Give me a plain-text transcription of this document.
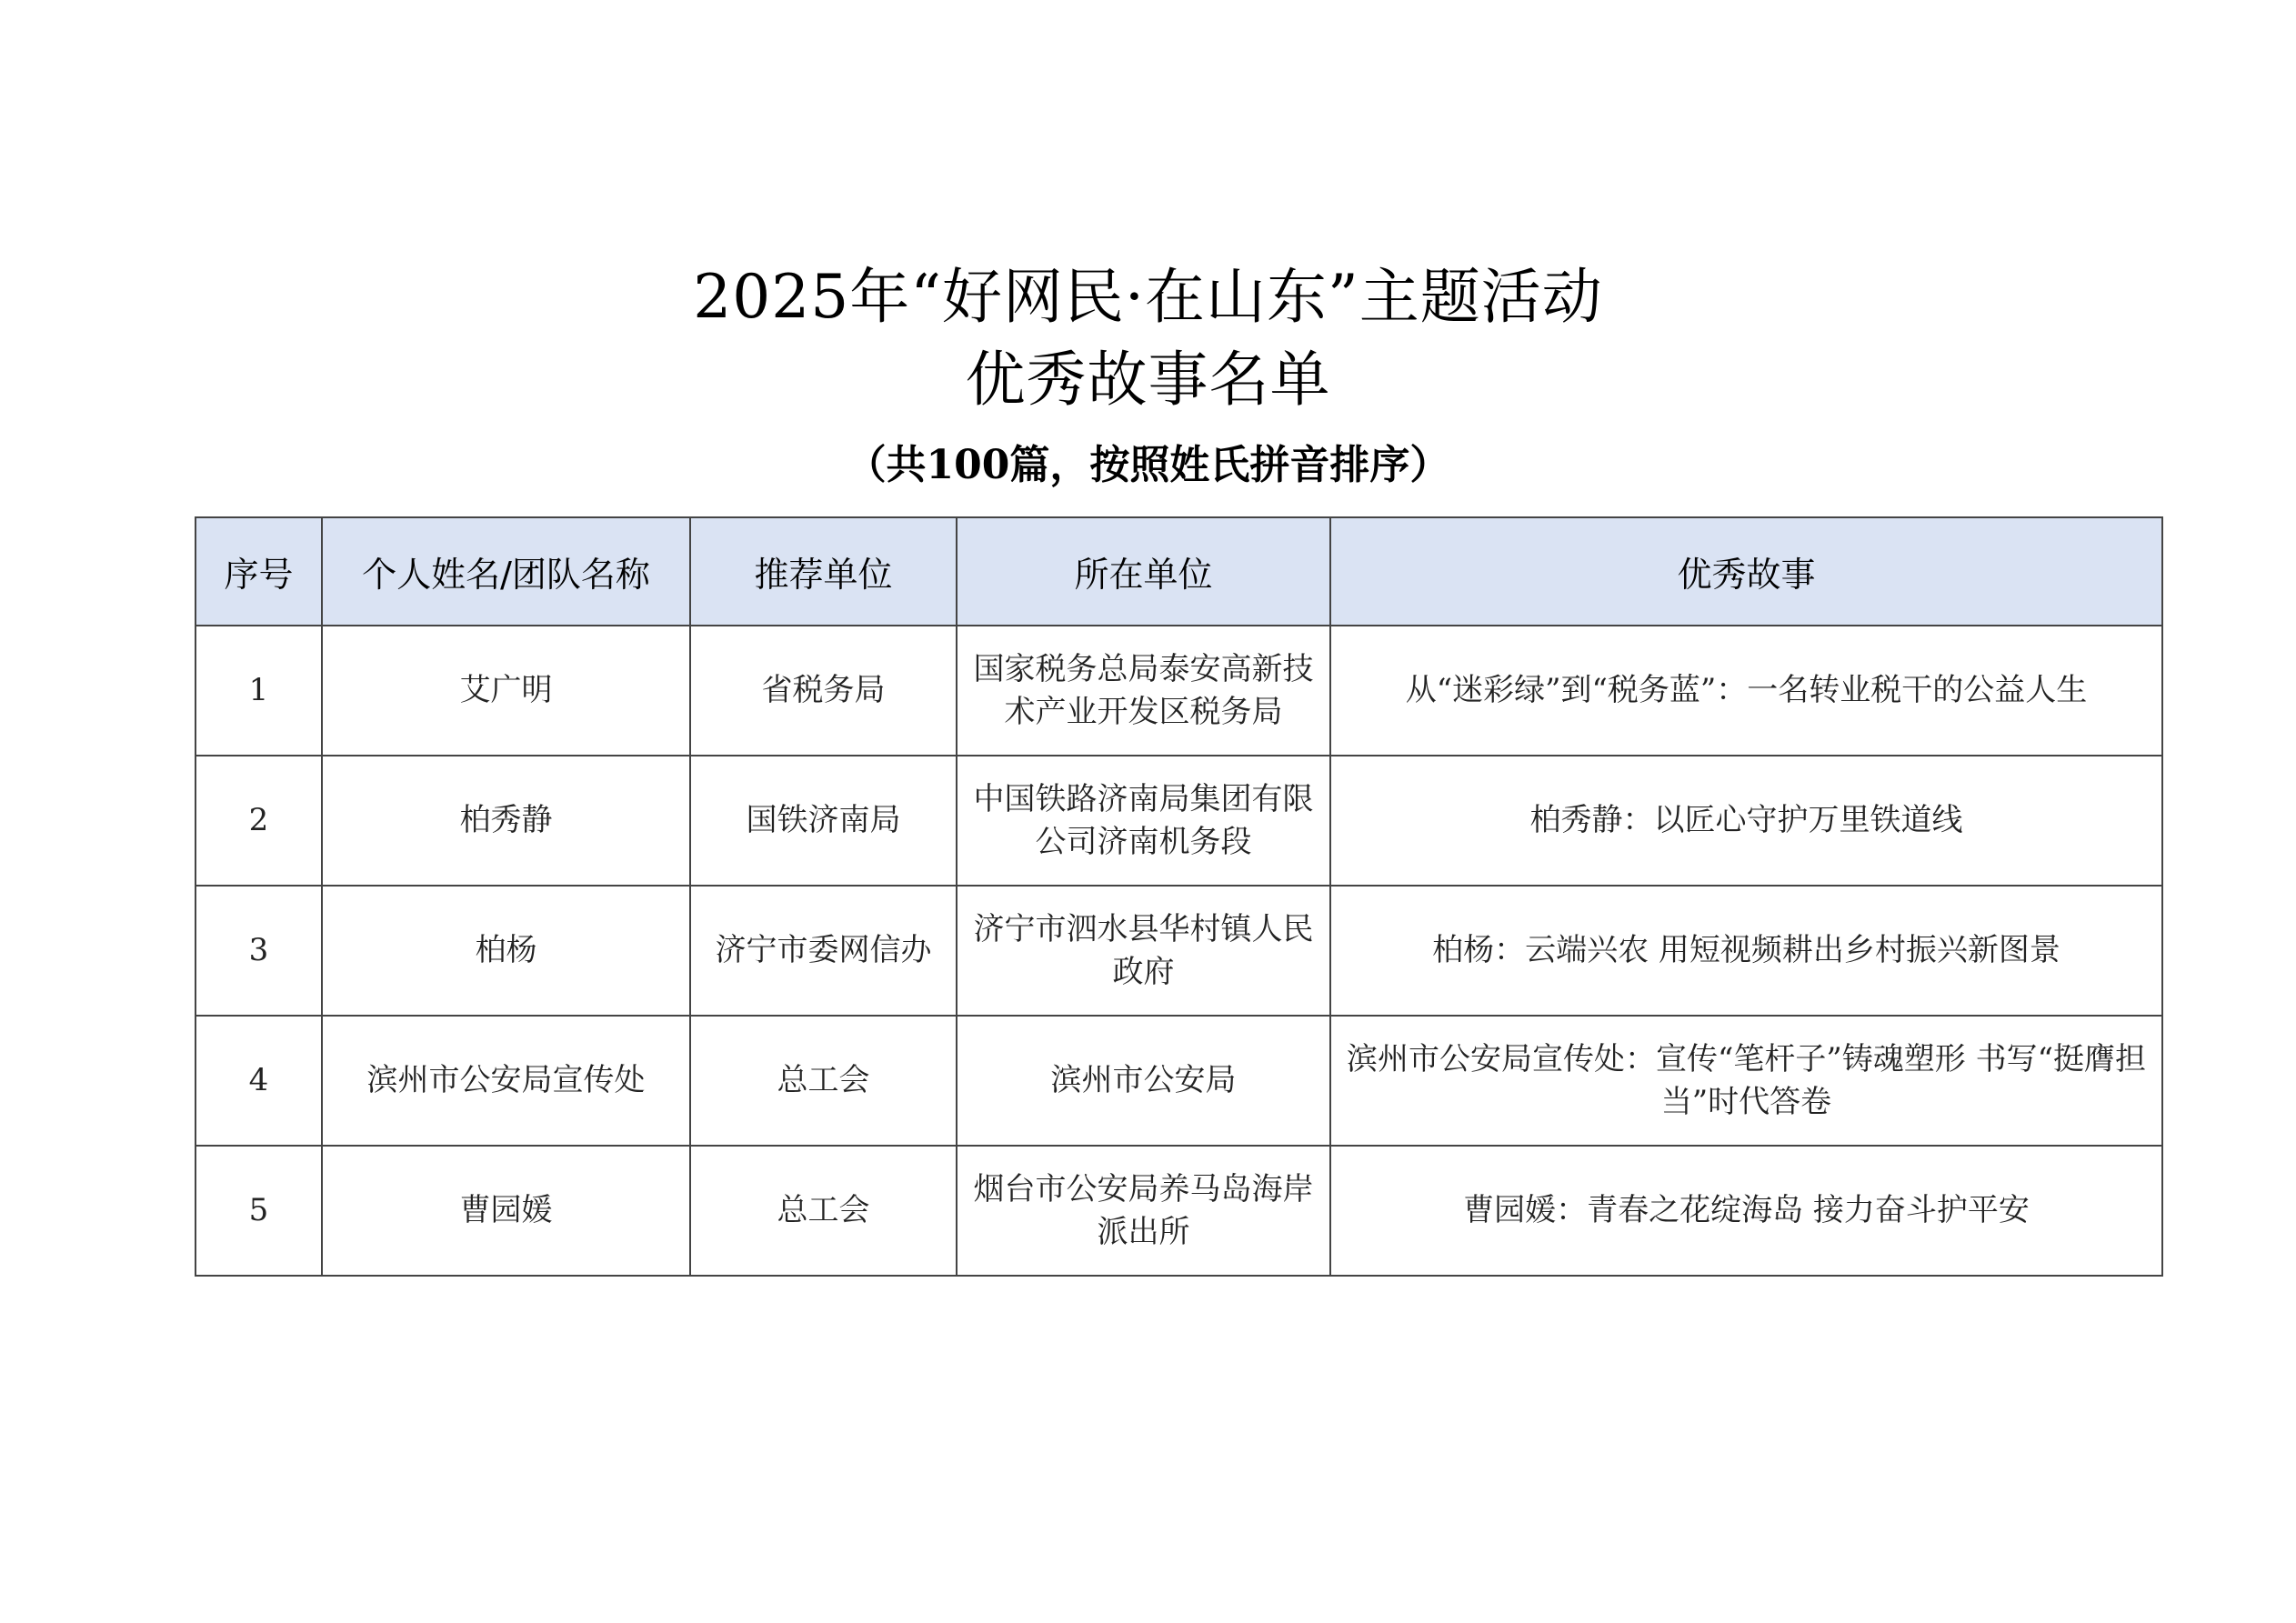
2025年“好网民·在山东”主题活动
优秀故事名单
（共100篇，按照姓氏拼音排序）
序号	个人姓名/团队名称	推荐单位	所在单位	优秀故事
1	艾广明	省税务局	国家税务总局泰安高新技术产业开发区税务局	从“迷彩绿”到“税务蓝”：一名转业税干的公益人生
2	柏秀静	国铁济南局	中国铁路济南局集团有限公司济南机务段	柏秀静：以匠心守护万里铁道线
3	柏杨	济宁市委网信办	济宁市泗水县华村镇人民政府	柏杨：云端兴农 用短视频耕出乡村振兴新图景
4	滨州市公安局宣传处	总工会	滨州市公安局	滨州市公安局宣传处：宣传“笔杆子”铸魂塑形 书写“挺膺担当”时代答卷
5	曹园媛	总工会	烟台市公安局养马岛海岸派出所	曹园媛：青春之花绽海岛 接力奋斗护平安
